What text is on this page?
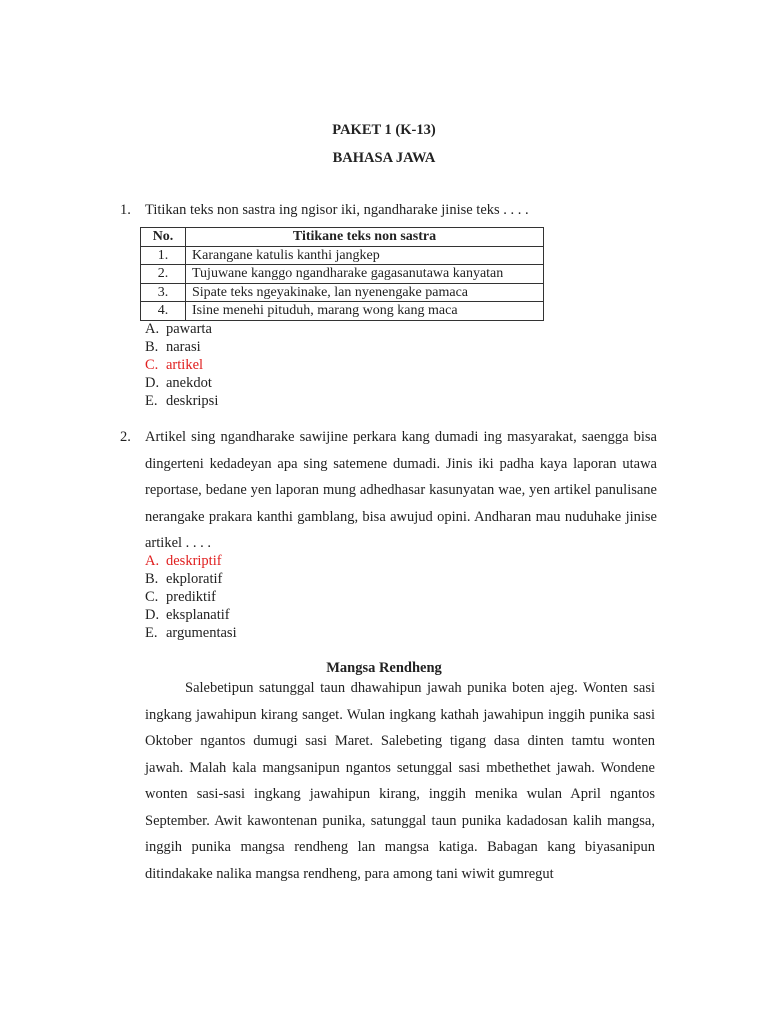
PAKET 1 (K-13)
BAHASA JAWA
1. Titikan teks non sastra ing ngisor iki, ngandharake jinise teks . . . .
No.	Titikane teks non sastra
1.	Karangane katulis kanthi jangkep
2.	Tujuwane kanggo ngandharake gagasanutawa kanyatan
3.	Sipate teks ngeyakinake, lan nyenengake pamaca
4.	Isine menehi pituduh, marang wong kang maca
A. pawarta
B. narasi
C. artikel
D. anekdot
E. deskripsi
2. Artikel sing ngandharake sawijine perkara kang dumadi ing masyarakat, saengga bisa dingerteni kedadeyan apa sing satemene dumadi. Jinis iki padha kaya laporan utawa reportase, bedane yen laporan mung adhedhasar kasunyatan wae, yen artikel panulisane nerangake prakara kanthi gamblang, bisa awujud opini. Andharan mau nuduhake jinise artikel . . . .
A. deskriptif
B. ekploratif
C. prediktif
D. eksplanatif
E. argumentasi
Mangsa Rendheng

Salebetipun satunggal taun dhawahipun jawah punika boten ajeg. Wonten sasi ingkang jawahipun kirang sanget. Wulan ingkang kathah jawahipun inggih punika sasi Oktober ngantos dumugi sasi Maret. Salebeting tigang dasa dinten tamtu wonten jawah. Malah kala mangsanipun ngantos setunggal sasi mbethethet jawah. Wondene wonten sasi-sasi ingkang jawahipun kirang, inggih menika wulan April ngantos September. Awit kawontenan punika, satunggal taun punika kadadosan kalih mangsa, inggih punika mangsa rendheng lan mangsa katiga. Babagan kang biyasanipun ditindakake nalika mangsa rendheng, para among tani wiwit gumregut
